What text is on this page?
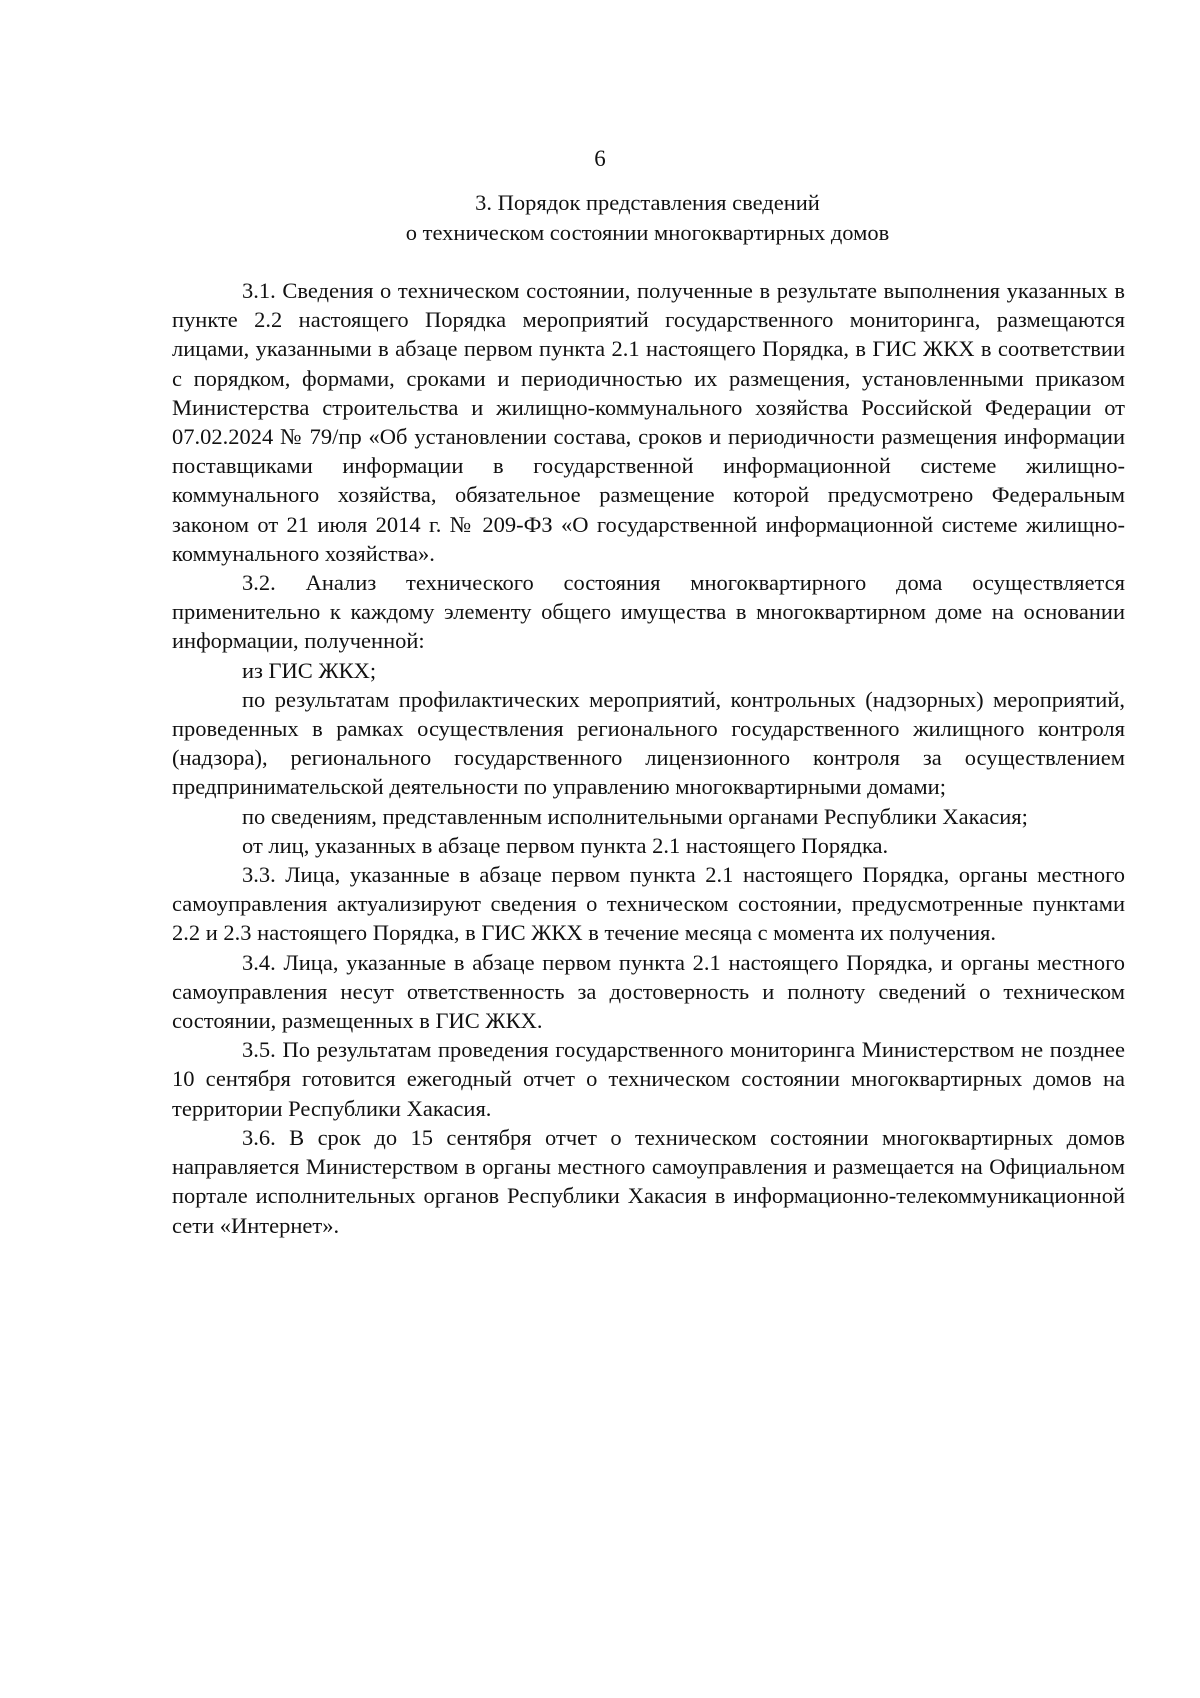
6
3. Порядок представления сведений
о техническом состоянии многоквартирных домов

3.1. Сведения о техническом состоянии, полученные в результате выполнения указанных в пункте 2.2 настоящего Порядка мероприятий государственного мониторинга, размещаются лицами, указанными в абзаце первом пункта 2.1 настоящего Порядка, в ГИС ЖКХ в соответствии с порядком, формами, сроками и периодичностью их размещения, установленными приказом Министерства строительства и жилищно-коммунального хозяйства Российской Федерации от 07.02.2024 № 79/пр «Об установлении состава, сроков и периодичности размещения информации поставщиками информации в государственной информационной системе жилищно-коммунального хозяйства, обязательное размещение которой предусмотрено Федеральным законом от 21 июля 2014 г. № 209-ФЗ «О государственной информационной системе жилищно-коммунального хозяйства».

3.2. Анализ технического состояния многоквартирного дома осуществляется применительно к каждому элементу общего имущества в многоквартирном доме на основании информации, полученной:

из ГИС ЖКХ;

по результатам профилактических мероприятий, контрольных (надзорных) мероприятий, проведенных в рамках осуществления регионального государственного жилищного контроля (надзора), регионального государственного лицензионного контроля за осуществлением предпринимательской деятельности по управлению многоквартирными домами;

по сведениям, представленным исполнительными органами Республики Хакасия;

от лиц, указанных в абзаце первом пункта 2.1 настоящего Порядка.

3.3. Лица, указанные в абзаце первом пункта 2.1 настоящего Порядка, органы местного самоуправления актуализируют сведения о техническом состоянии, предусмотренные пунктами 2.2 и 2.3 настоящего Порядка, в ГИС ЖКХ в течение месяца с момента их получения.

3.4. Лица, указанные в абзаце первом пункта 2.1 настоящего Порядка, и органы местного самоуправления несут ответственность за достоверность и полноту сведений о техническом состоянии, размещенных в ГИС ЖКХ.

3.5. По результатам проведения государственного мониторинга Министерством не позднее 10 сентября готовится ежегодный отчет о техническом состоянии многоквартирных домов на территории Республики Хакасия.

3.6. В срок до 15 сентября отчет о техническом состоянии многоквартирных домов направляется Министерством в органы местного самоуправления и размещается на Официальном портале исполнительных органов Республики Хакасия в информационно-телекоммуникационной сети «Интернет».
